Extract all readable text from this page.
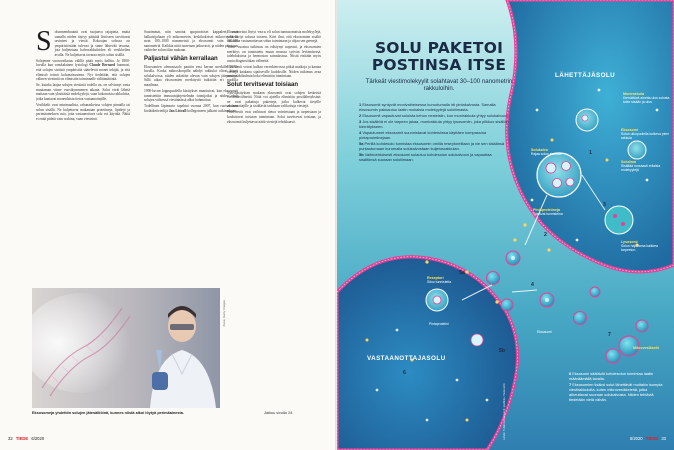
Solunmembraanit ovat suojaava rajapinta, mutta samalla niiden täytyy päästää lävitseen tarvittavat ravinteet ja viestit. Kokoajan solussa on ympäristöstään tulevaa ja sinne lähtevää tavaraa, jota kuljetetaan kalvorakkuloiden eli vesikkelien avulla. Ne kuljettavat tavaraa myös solun sisällä.

Solujenne vuorovaikutus välillä pitää myös hallita. Jo 1800-luvulla kun ranskalainen fysiologi Claude Bernard huomasi, että solujen sisäistä ympäristöä säätelevät monet tekijät, ja että elimistö toimii kokonaisuutena. Nyt tiedetään, että solujen välinen viestintä on elimistön toiminnalle välttämätöntä.

Se, kuinka laajaa solujen viestintä todella on, on selvinnyt vasta muutaman viime vuosikymmenen aikana. Solut eivät lähetä maitaan vain yksittäisiä molekyylejä, vaan kokonaisia rakkuloita, jotka kantavat monenlaista tietoa vastaanottajille.

Vesikkelit ovat minimaalisia, rahanaskeissa solujen pinnalla tai solun sisällä. Ne kuljettavat mukanaan proteiineja, lipidejä ja perimäaineksen osia, joita vastaanottava solu voi käyttää. Näitä ei enää pidetä vain roskina, vaan viesteinä.

Suurimmat, niin sanotut apoptoottiset kappaleet, ovat halkaisijaltaan yli mikrometrin, keskikokoiset mikrovesikkelit noin 100–1000 nanometriä ja eksosomit vain 30–100 nanometriä. Kaikkia niitä tuotetaan jatkuvasti, ja niiden pitoisuus vaihtelee solun tilan mukaan.

Paljastui vähän kerrallaan

Eksosomien olemassaolo pantiin ensi kerran merkille 1970-luvulla. Koska mikroskoopilla nähdyt rakkulat olivat kiinni solukalvossa, niiden uskottiin olevan vain solujen jätepusseja. Sillä aikaa eksosomien merkitystä tutkittiin eri puolilla maailmaa.

1990-luvun loppupuolella käsitykset muuttuivat, kun eksosomit tunnistettiin immuunijärjestelmän toimijoiksi ja niiden rooli solujen välisessä viestinnässä alkoi hahmottua.

Todellinen läpimurto tapahtui vuonna 2007, kun ruotsalainen biolääketieteilijä Jan Lötvall kollegoineen julkaisi tutkimuksen.

Eksosomeista löytyi -rna:a, eli solun tunnusomaisia molekyylejä, joita siirtyi solusta toiseen. Kävi ilmi, että eksosomien sisältö vaikuttaa vastaanottavan solun toimintaan ja ohjaa sen geenejä.

Viime vuosina tutkimus on edistynyt nopeasti, ja eksosomien merkitys on tunnistettu muun muassa syövän leviämisessä, tulehduksissa ja hermoston sairauksissa. Niistä etsitään myös uusia diagnostiikan välineitä.

Eksosomit voivat kulkea verenkierrossa pitkiä matkoja ja kantaa viestejä kaukana sijaitseville kudoksille. Niiden tutkimus avaa uusia näkökulmia koko elimistön toimintaan.

Solut tervitsevat toisiaan

Nykykäsityksen mukaan eksosomit ovat solujen keskeisiä viestintävälineitä. Niitä voi ajatella elimistön postilähetyksinä: ne ovat pakattuja paketteja, jotka kulkevat tietyille vastaanottajille ja sisältävät tarkkaan valikoituja viestejä.

Postiviestit ovat vaihtuvat tietoa vointeistaan ja tarpeistaan ja kouluttavat toisiaan toimintaan. Solut tarvitsevat toisiaan, ja eksosomit kuljettavat näitä viestejä tehokkaasti.

Kuva: Getty Images
Eksosomeja yhdettiin solujen jätesäiliöinä, kunnes niistä alkoi löytyä perimäainesta.	Jatkuu sivulla 34.
32 TIEDE 6/2020
SOLU PAKETOI
POSTINSA ITSE
Tärkeät viestimolekyylit solahtavat 30–100 nanometrin rakkuloihin.

1 Eksosomit syntyvät monivaiheisessa kuroutumalla irti pintakalvosta. Samalla eksosomin pakkautuu laatin mukaisia molekyylejä soluliimasta.

2 Eksosomit vapautuvat soluista kehon nesteisiin, kun monirakkula yhtyy solukalvoon.

3 Jos sisältöä ei ole tarpeen jakaa, monirakkula yhtyy lysosomiin, joka pilkkoo sisällön kierrätykseen.

4 Vapautuneet eksosomit suunnistavat kohteisiinsa käyttäen kompassina pintaproteiinejaan.

5a Perillä kohdesolu tunnistaa eksosomin omilla reseptoreillaan ja vie sen sisäänsä purkautumaan kuromalla solukalvostaan kuljetusrakkulan.

5b Vaihtoehtoisesti eksosomi sulautuu kohdesolun solukalvoon ja vapauttaa sisältönsä suoraan soluliimaan.

LÄHETTÄJÄSOLU
VASTAANOTTAJASOLU
Monirakkula
Kierrättävä ainetta ulos solusta tulee sisään ja ulos
Eksosomi
Solun ulkopuolella kulkeva pieni rakkula
Solulima
Sisältää runsaasti erilaisia molekyylejä
Lysosomi
Solun hajottama kaikkea tarpeeton
Solukalvo
Rajaa solun sisältöä
Pintaproteiineja
Toimivat tunnisteina
Reseptori
Sitoo tunnisteita
Mikrovesikkelit
Pintaproteiini
Eksosomi
1
2
3
4
5a
5b
6
7
Lähde: Tutkimus exosomit; grafiikka: Tiede-lehti

6 Eksosomi säätävät kohdesolun toimintaa laatin määräämällä tavalla.

7 Eksosomien lisäksi solut lähettävät muitakin isompia viestirakkuloita, kuten mikrovesikkeleitä, jotka aiheuttavat suoraan solukalvosta. Niiden tehtäviä tiedetään vielä vähän.

6/2020 TIEDE 33
